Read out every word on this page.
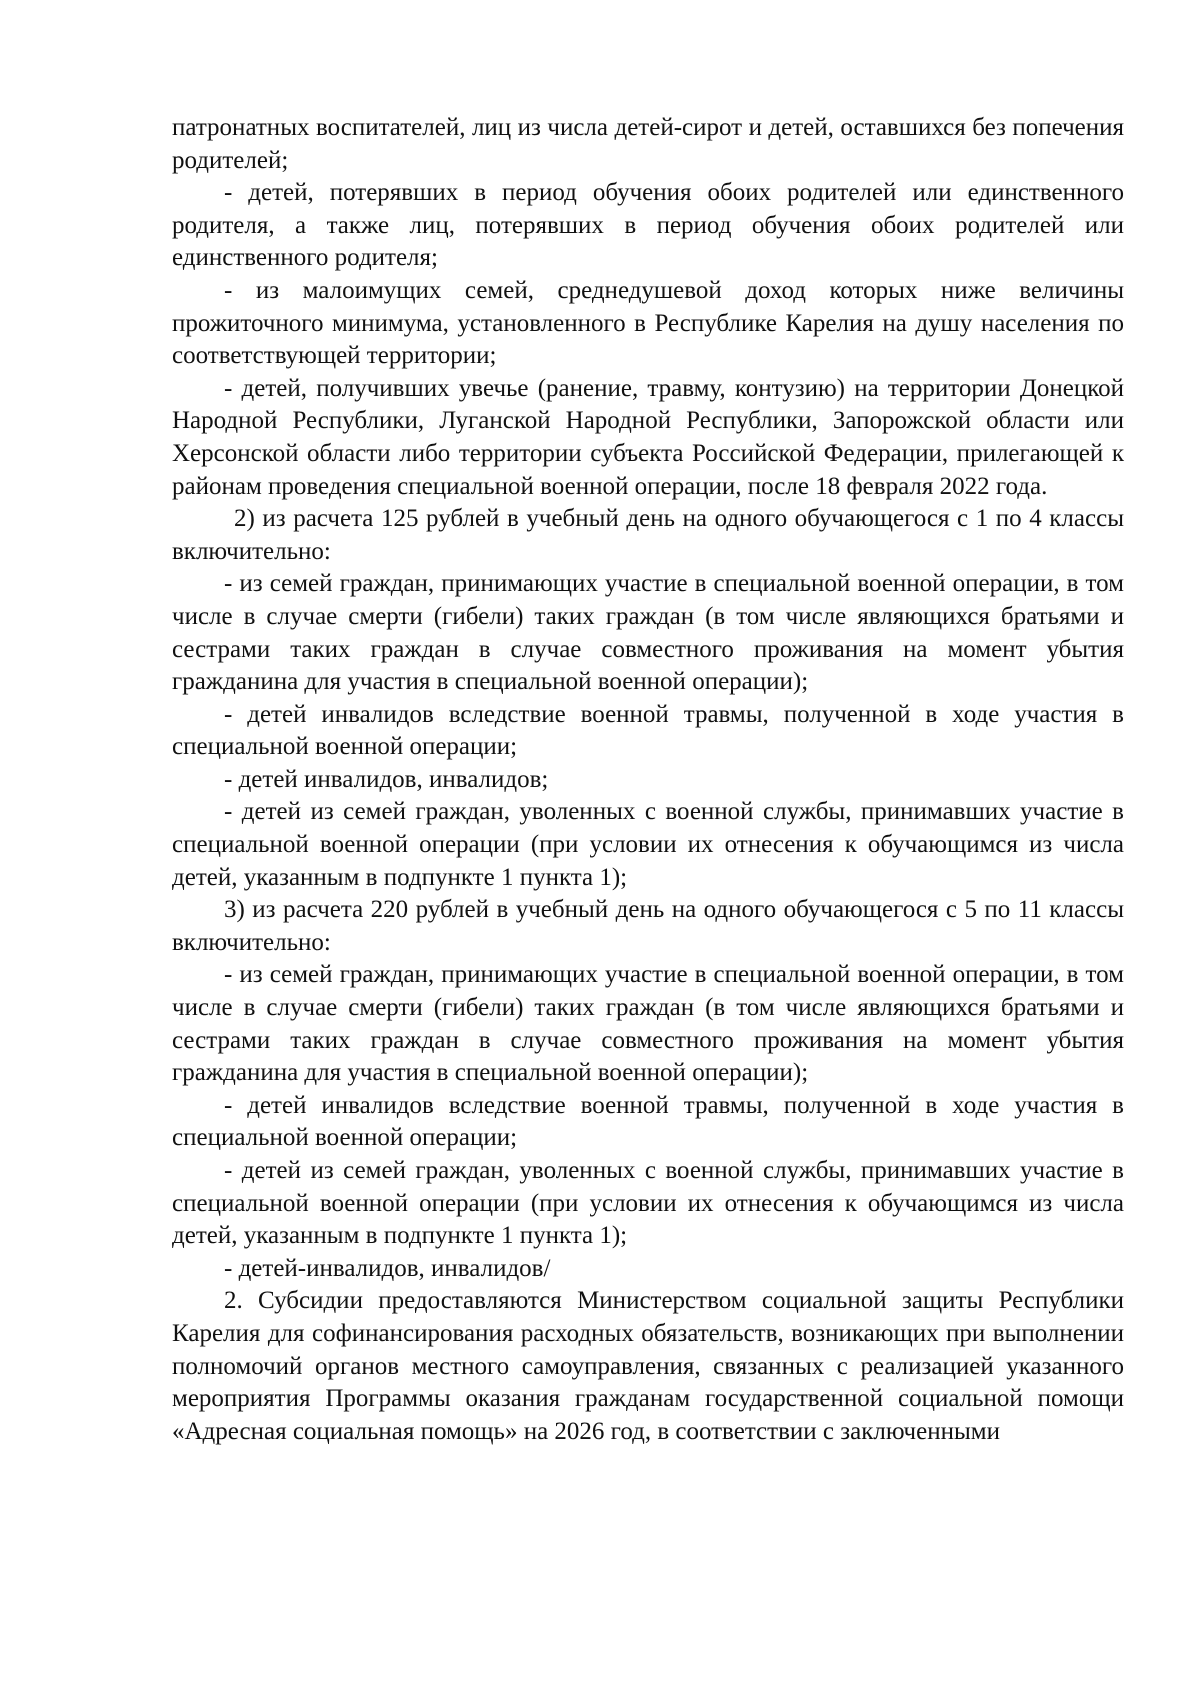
патронатных воспитателей, лиц из числа детей-сирот и детей, оставшихся без попечения родителей;

- детей, потерявших в период обучения обоих родителей или единственного родителя, а также лиц, потерявших в период обучения обоих родителей или единственного родителя;

- из малоимущих семей, среднедушевой доход которых ниже величины прожиточного минимума, установленного в Республике Карелия на душу населения по соответствующей территории;

- детей, получивших увечье (ранение, травму, контузию) на территории Донецкой Народной Республики, Луганской Народной Республики, Запорожской области или Херсонской области либо территории субъекта Российской Федерации, прилегающей к районам проведения специальной военной операции, после 18 февраля 2022 года.

2) из расчета 125 рублей в учебный день на одного обучающегося с 1 по 4 классы включительно:

- из семей граждан, принимающих участие в специальной военной операции, в том числе в случае смерти (гибели) таких граждан (в том числе являющихся братьями и сестрами таких граждан в случае совместного проживания на момент убытия гражданина для участия в специальной военной операции);

- детей инвалидов вследствие военной травмы, полученной в ходе участия в специальной военной операции;

- детей инвалидов, инвалидов;

- детей из семей граждан, уволенных с военной службы, принимавших участие в специальной военной операции (при условии их отнесения к обучающимся из числа детей, указанным в подпункте 1 пункта 1);

3) из расчета 220 рублей в учебный день на одного обучающегося с 5 по 11 классы включительно:

- из семей граждан, принимающих участие в специальной военной операции, в том числе в случае смерти (гибели) таких граждан (в том числе являющихся братьями и сестрами таких граждан в случае совместного проживания на момент убытия гражданина для участия в специальной военной операции);

- детей инвалидов вследствие военной травмы, полученной в ходе участия в специальной военной операции;

- детей из семей граждан, уволенных с военной службы, принимавших участие в специальной военной операции (при условии их отнесения к обучающимся из числа детей, указанным в подпункте 1 пункта 1);

- детей-инвалидов, инвалидов/

2. Субсидии предоставляются Министерством социальной защиты Республики Карелия для софинансирования расходных обязательств, возникающих при выполнении полномочий органов местного самоуправления, связанных с реализацией указанного мероприятия Программы оказания гражданам государственной социальной помощи «Адресная социальная помощь» на 2026 год, в соответствии с заключенными
